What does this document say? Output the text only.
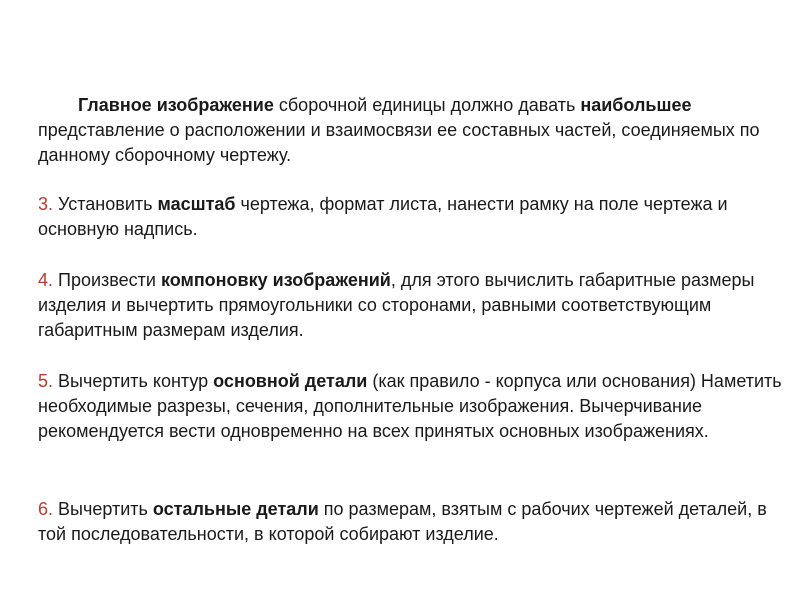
Главное изображение сборочной единицы должно давать наибольшее представление о расположении и взаимосвязи ее составных частей, соединяемых по данному сборочному чертежу.

3. Установить масштаб чертежа, формат листа, нанести рамку на поле чертежа и основную надпись.

4. Произвести компоновку изображений, для этого вычислить габаритные размеры изделия и вычертить прямоугольники со сторонами, равными соответствующим габаритным размерам изделия.

5. Вычертить контур основной детали (как правило - корпуса или основания) Наметить необходимые разрезы, сечения, дополнительные изображения. Вычерчивание рекомендуется вести одновременно на всех принятых основных изображениях.

6. Вычертить остальные детали по размерам, взятым с рабочих чертежей деталей, в той последовательности, в которой собирают изделие.
